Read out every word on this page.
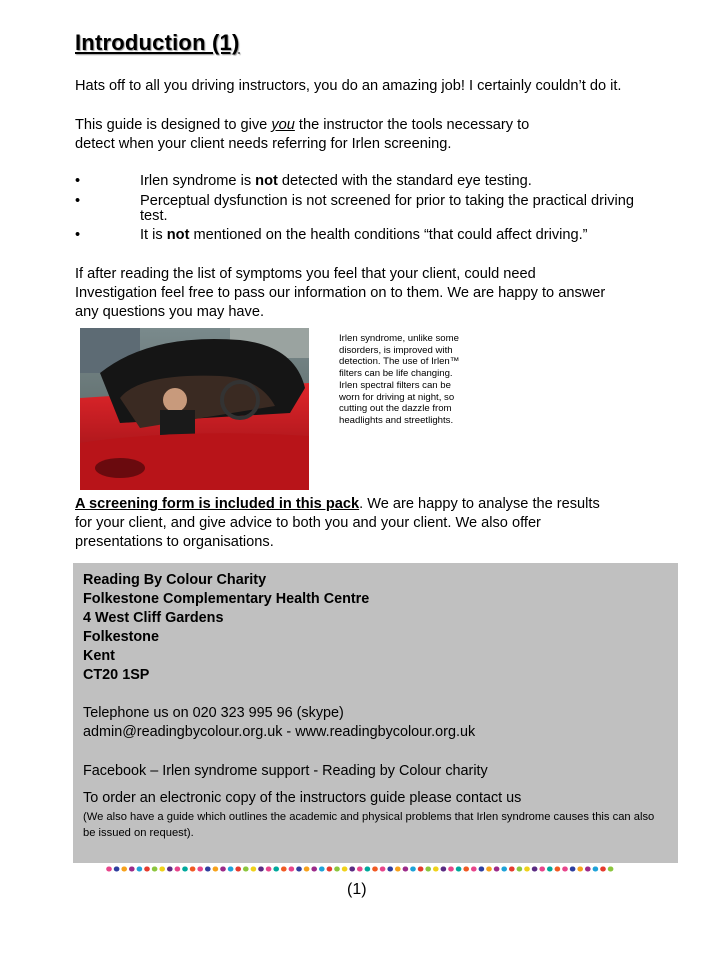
Introduction (1)
Hats off to all you driving instructors, you do an amazing job! I certainly couldn’t do it.
This guide is designed to give you the instructor the tools necessary to
detect when your client needs referring for Irlen screening.
•	Irlen syndrome is not detected with the standard eye testing.
•	Perceptual dysfunction is not screened for prior to taking the practical driving test.
•	It is not mentioned on the health conditions “that could affect driving.”
If after reading the list of symptoms you feel that your client, could need
Investigation feel free to pass our information on to them. We are happy to answer
any questions you may have.
Irlen syndrome, unlike some disorders, is improved with detection. The use of Irlen™ filters can be life changing. Irlen spectral filters can be worn for driving at night, so cutting out the dazzle from headlights and streetlights.
A screening form is included in this pack. We are happy to analyse the results
for your client, and give advice to both you and your client. We also offer
presentations to organisations.
Reading By Colour Charity
Folkestone Complementary Health Centre
4 West Cliff Gardens
Folkestone
Kent
CT20 1SP
Telephone us on 020 323 995 96 (skype)
admin@readingbycolour.org.uk - www.readingbycolour.org.uk
Facebook – Irlen syndrome support - Reading by Colour charity
To order an electronic copy of the instructors guide please contact us
(We also have a guide which outlines the academic and physical problems that Irlen syndrome causes this can also be issued on request).
(1)
